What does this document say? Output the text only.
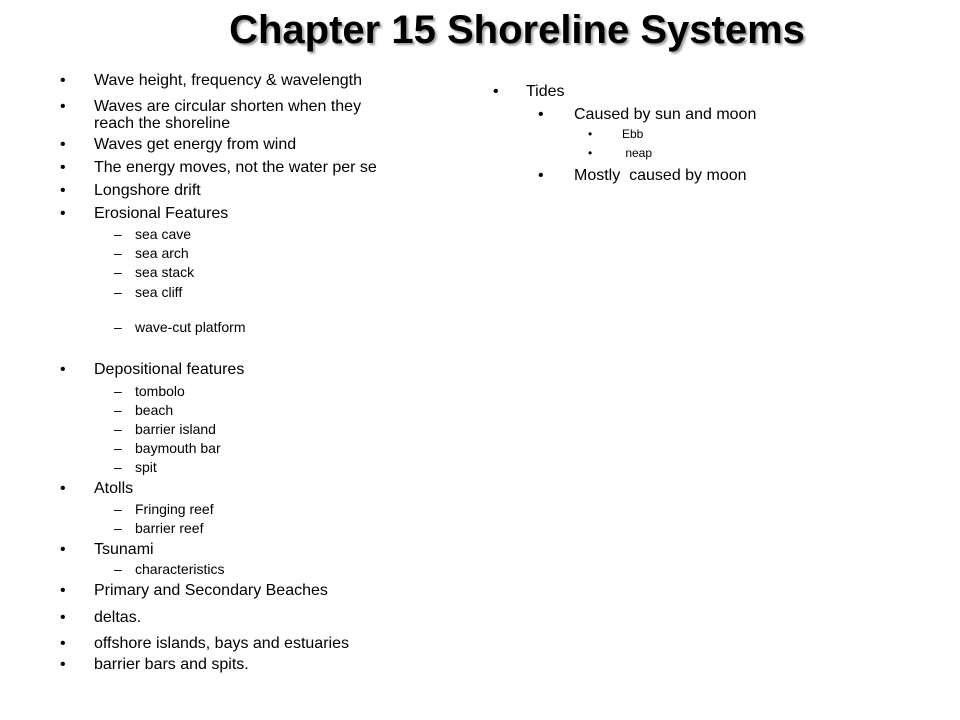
Chapter 15 Shoreline Systems
• Wave height, frequency & wavelength
• Waves are circular shorten when they
reach the shoreline
• Waves get energy from wind
• The energy moves, not the water per se
• Longshore drift
• Erosional Features
– sea cave
– sea arch
– sea stack
– sea cliff
– wave-cut platform
• Depositional features
– tombolo
– beach
– barrier island
– baymouth bar
– spit
• Atolls
– Fringing reef
– barrier reef
• Tsunami
– characteristics
• Primary and Secondary Beaches
• deltas.
• offshore islands, bays and estuaries
• barrier bars and spits.
• Tides
• Caused by sun and moon
• Ebb
• neap
• Mostly  caused by moon
